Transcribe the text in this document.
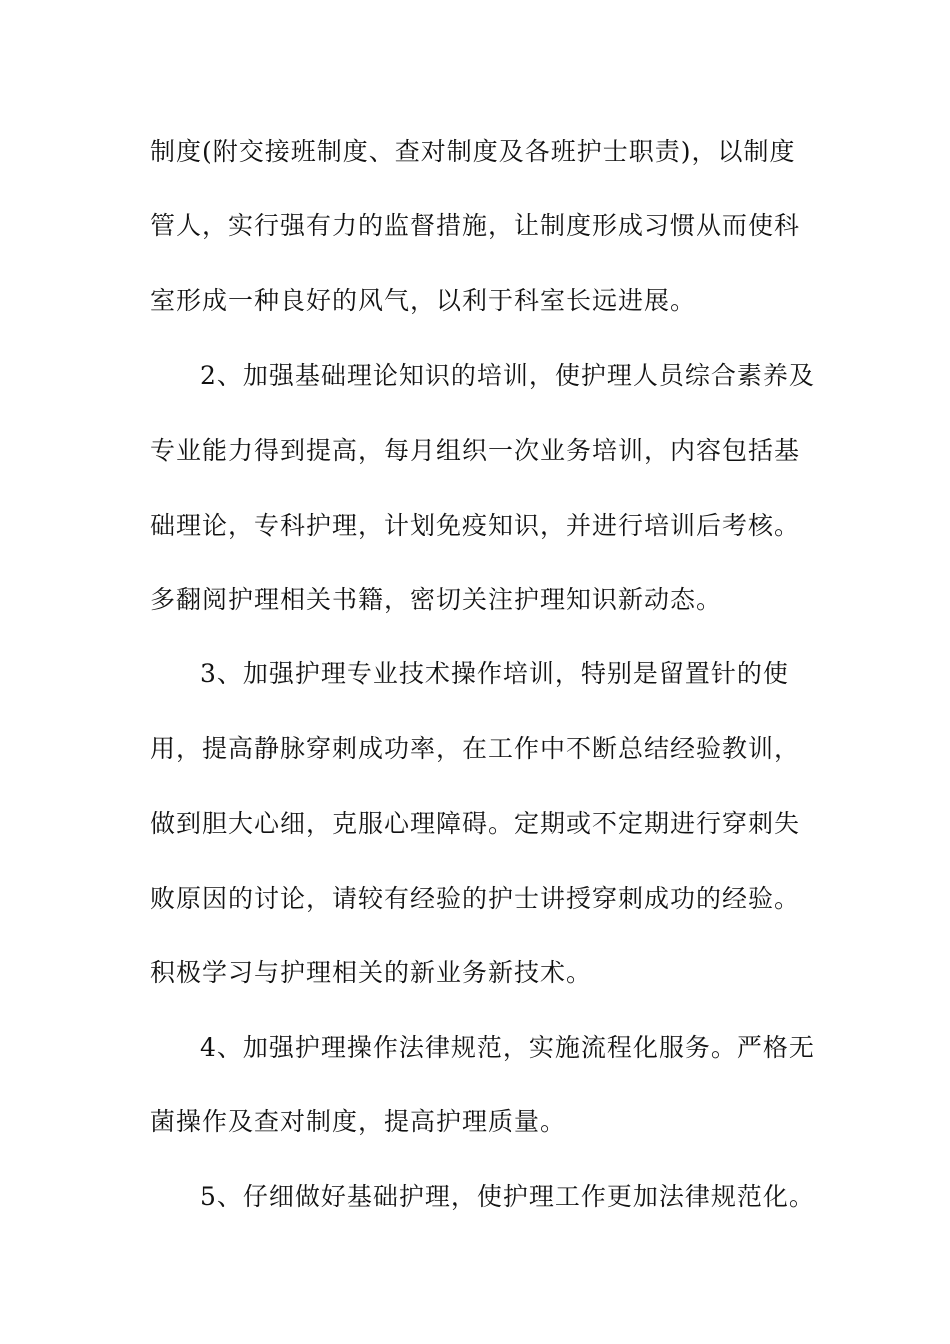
制度(附交接班制度、查对制度及各班护士职责)，以制度
管人，实行强有力的监督措施，让制度形成习惯从而使科
室形成一种良好的风气，以利于科室长远进展。
2、加强基础理论知识的培训，使护理人员综合素养及
专业能力得到提高，每月组织一次业务培训，内容包括基
础理论，专科护理，计划免疫知识，并进行培训后考核。
多翻阅护理相关书籍，密切关注护理知识新动态。
3、加强护理专业技术操作培训，特别是留置针的使
用，提高静脉穿刺成功率，在工作中不断总结经验教训，
做到胆大心细，克服心理障碍。定期或不定期进行穿刺失
败原因的讨论，请较有经验的护士讲授穿刺成功的经验。
积极学习与护理相关的新业务新技术。
4、加强护理操作法律规范，实施流程化服务。严格无
菌操作及查对制度，提高护理质量。
5、仔细做好基础护理，使护理工作更加法律规范化。
